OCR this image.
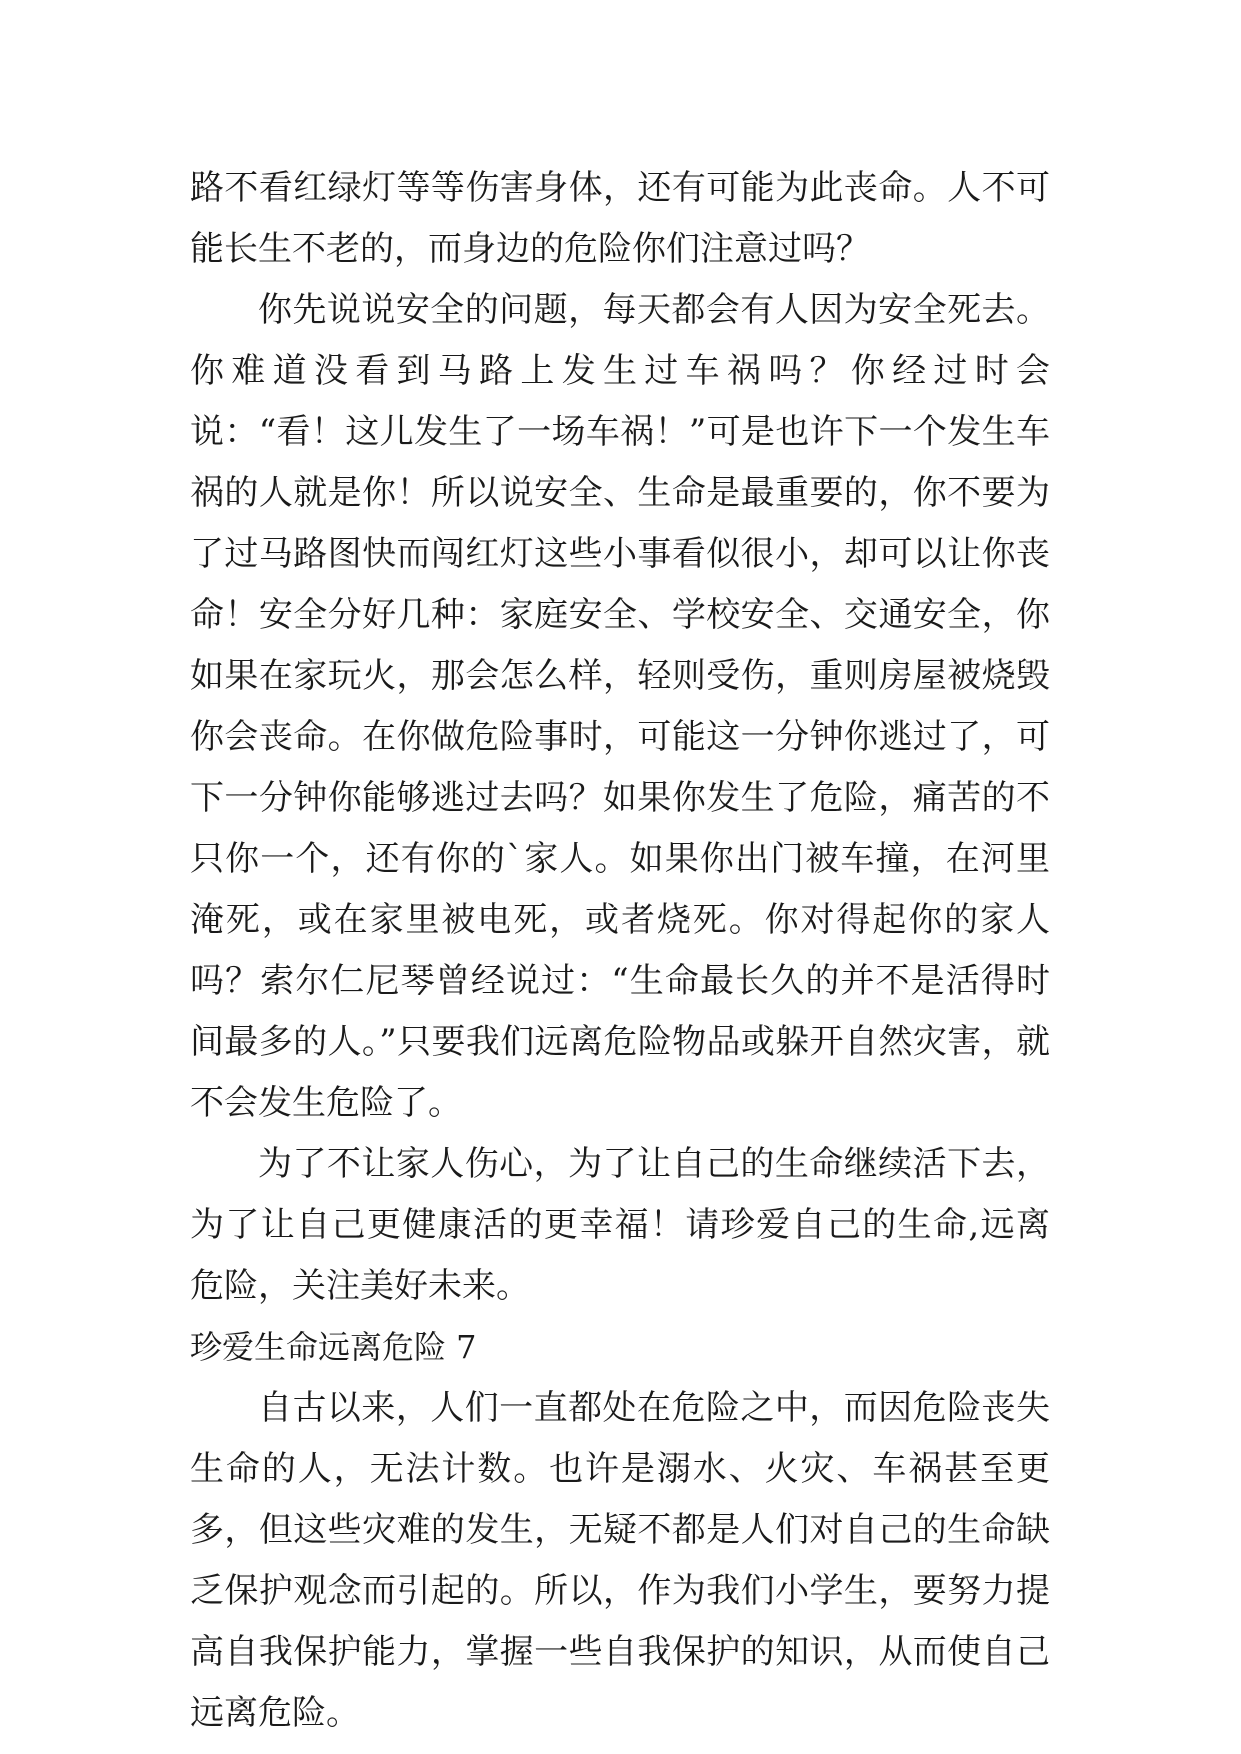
路不看红绿灯等等伤害身体，还有可能为此丧命。人不可能长生不老的，而身边的危险你们注意过吗？

你先说说安全的问题，每天都会有人因为安全死去。你难道没看到马路上发生过车祸吗？你经过时会说：“看！这儿发生了一场车祸！”可是也许下一个发生车祸的人就是你！所以说安全、生命是最重要的，你不要为了过马路图快而闯红灯这些小事看似很小，却可以让你丧命！安全分好几种：家庭安全、学校安全、交通安全，你如果在家玩火，那会怎么样，轻则受伤，重则房屋被烧毁你会丧命。在你做危险事时，可能这一分钟你逃过了，可下一分钟你能够逃过去吗？如果你发生了危险，痛苦的不只你一个，还有你的`家人。如果你出门被车撞，在河里淹死，或在家里被电死，或者烧死。你对得起你的家人吗？索尔仁尼琴曾经说过：“生命最长久的并不是活得时间最多的人。”只要我们远离危险物品或躲开自然灾害，就不会发生危险了。

为了不让家人伤心，为了让自己的生命继续活下去，为了让自己更健康活的更幸福！请珍爱自己的生命,远离危险，关注美好未来。

珍爱生命远离危险 7

自古以来，人们一直都处在危险之中，而因危险丧失生命的人，无法计数。也许是溺水、火灾、车祸甚至更多，但这些灾难的发生，无疑不都是人们对自己的生命缺乏保护观念而引起的。所以，作为我们小学生，要努力提高自我保护能力，掌握一些自我保护的知识，从而使自己远离危险。
